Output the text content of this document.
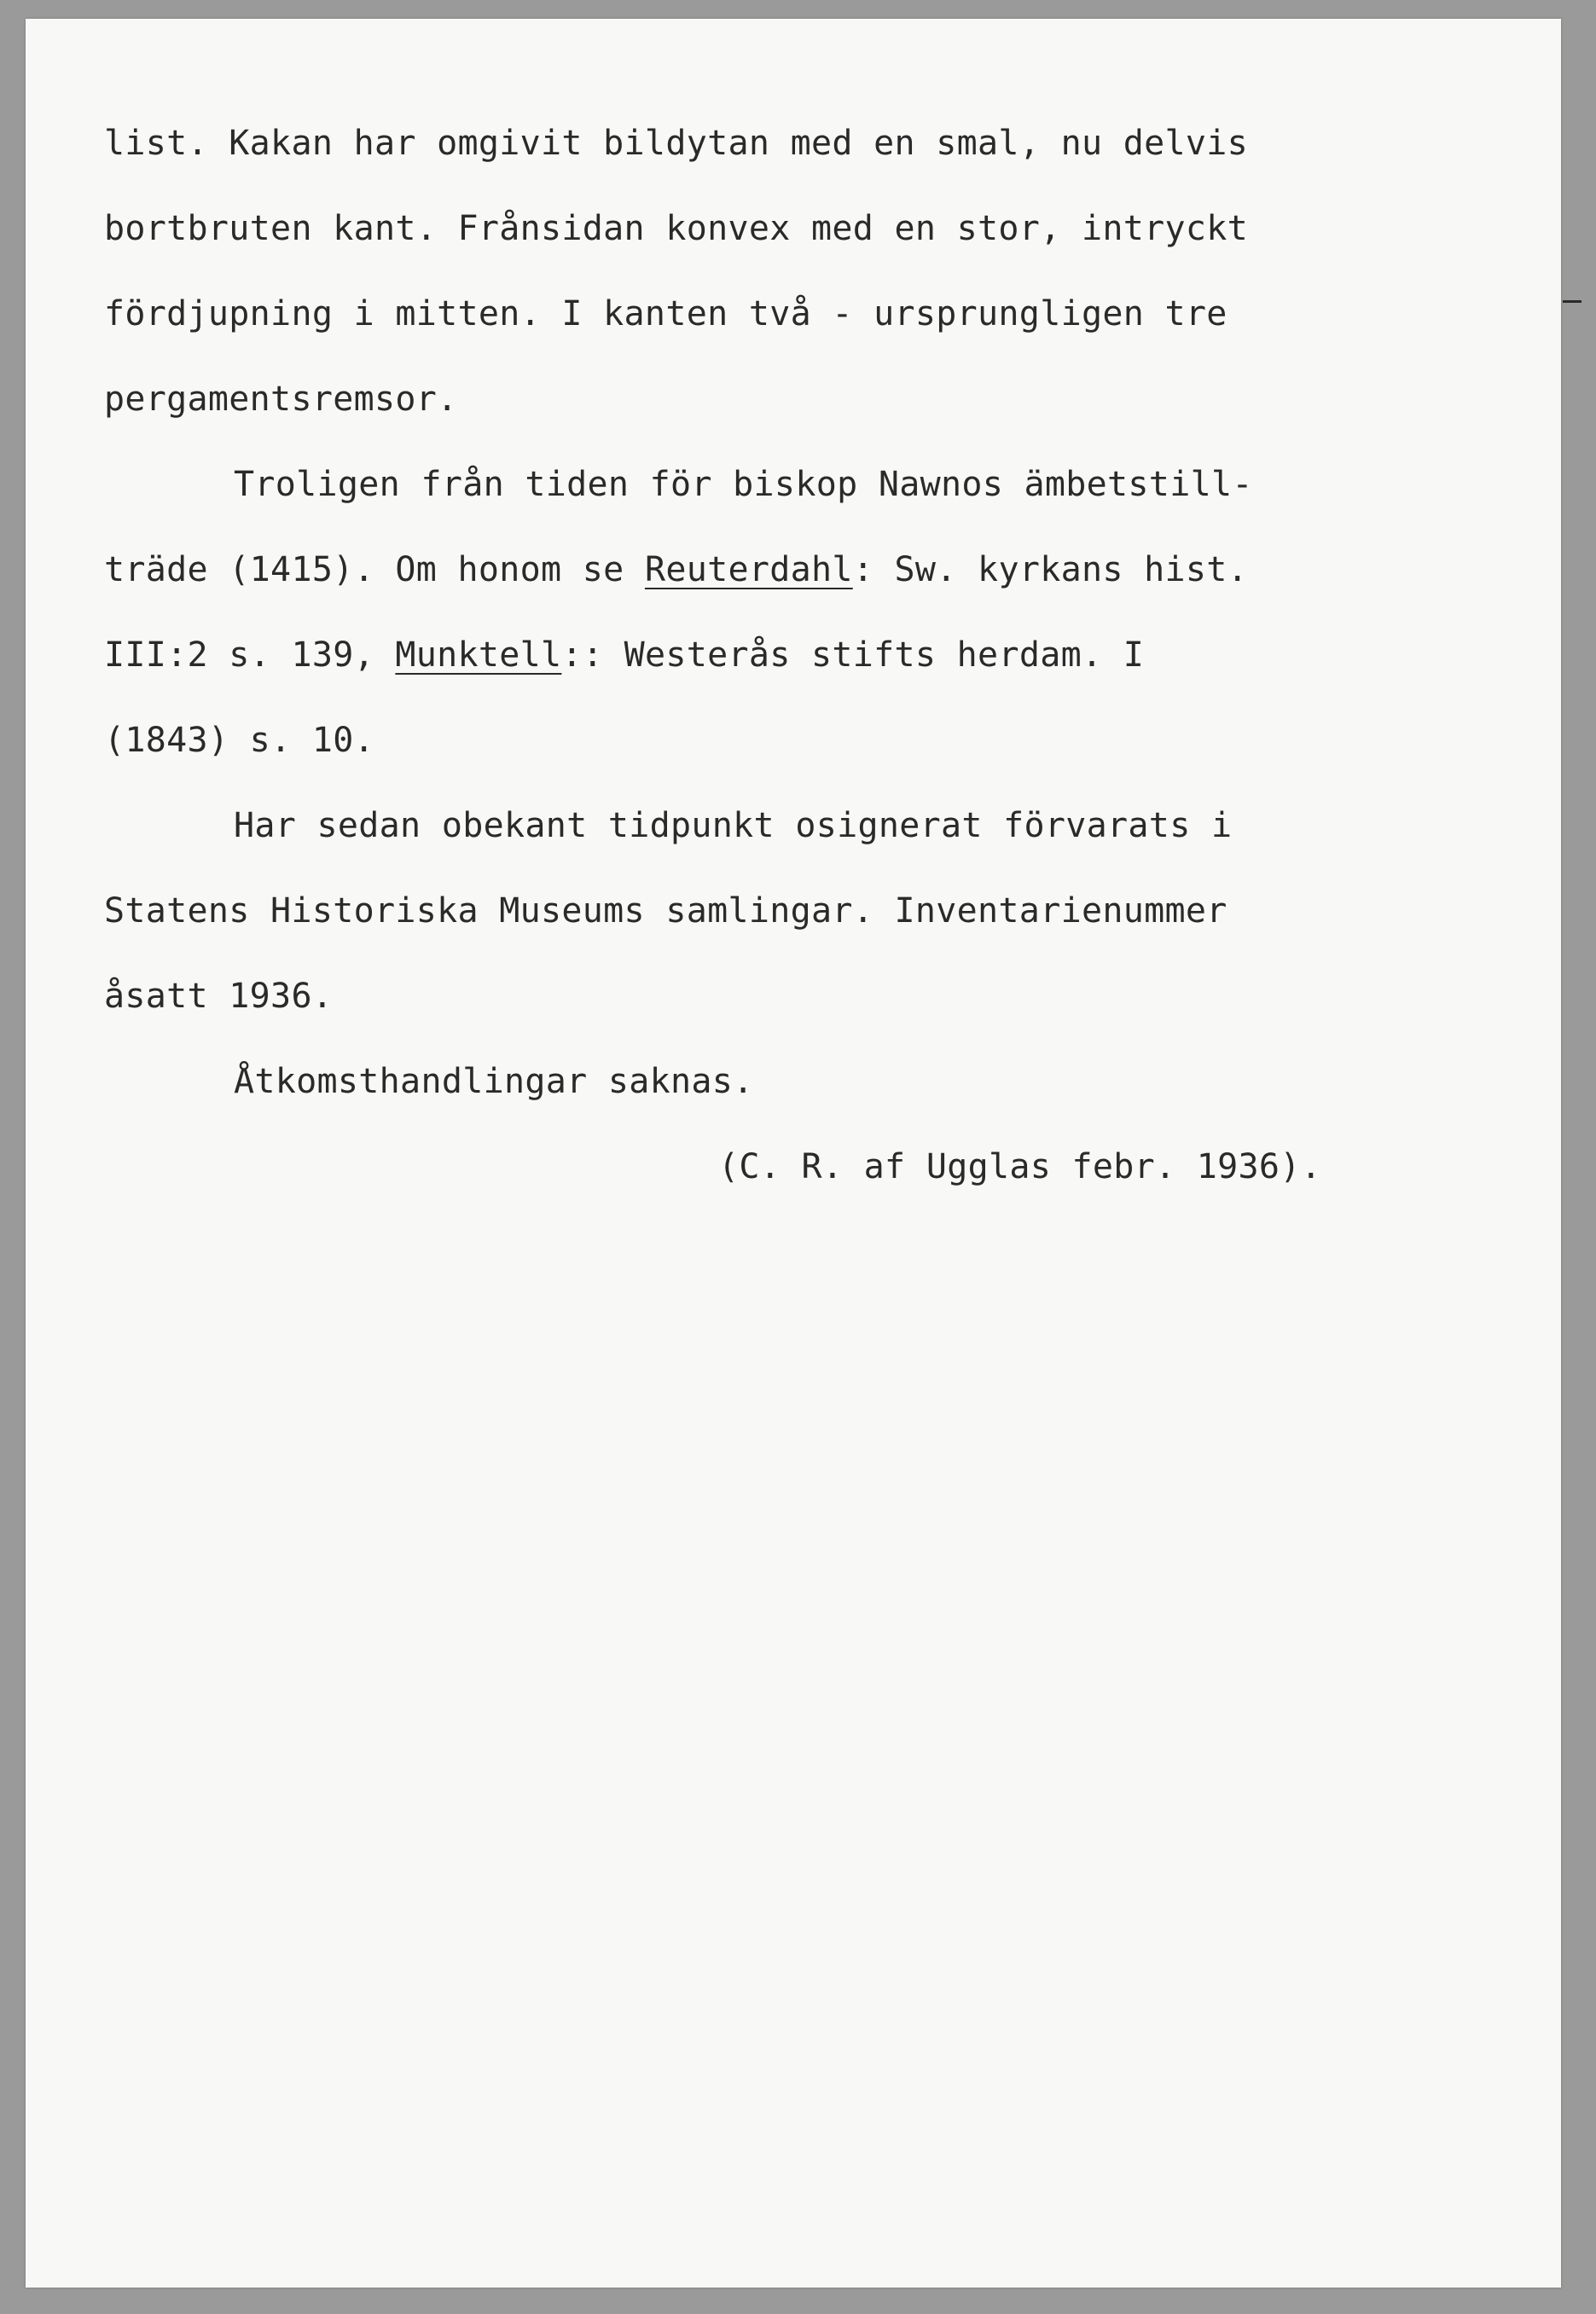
list. Kakan har omgivit bildytan med en smal, nu delvis
bortbruten kant. Frånsidan konvex med en stor, intryckt
fördjupning i mitten. I kanten två - ursprungligen tre
pergamentsremsor.
Troligen från tiden för biskop Nawnos ämbetstill-
träde (1415). Om honom se Reuterdahl: Sw. kyrkans hist.
III:2 s. 139, Munktell:: Westerås stifts herdam. I
(1843) s. 10.
Har sedan obekant tidpunkt osignerat förvarats i
Statens Historiska Museums samlingar. Inventarienummer
åsatt 1936.
Åtkomsthandlingar saknas.
(C. R. af Ugglas febr. 1936).
